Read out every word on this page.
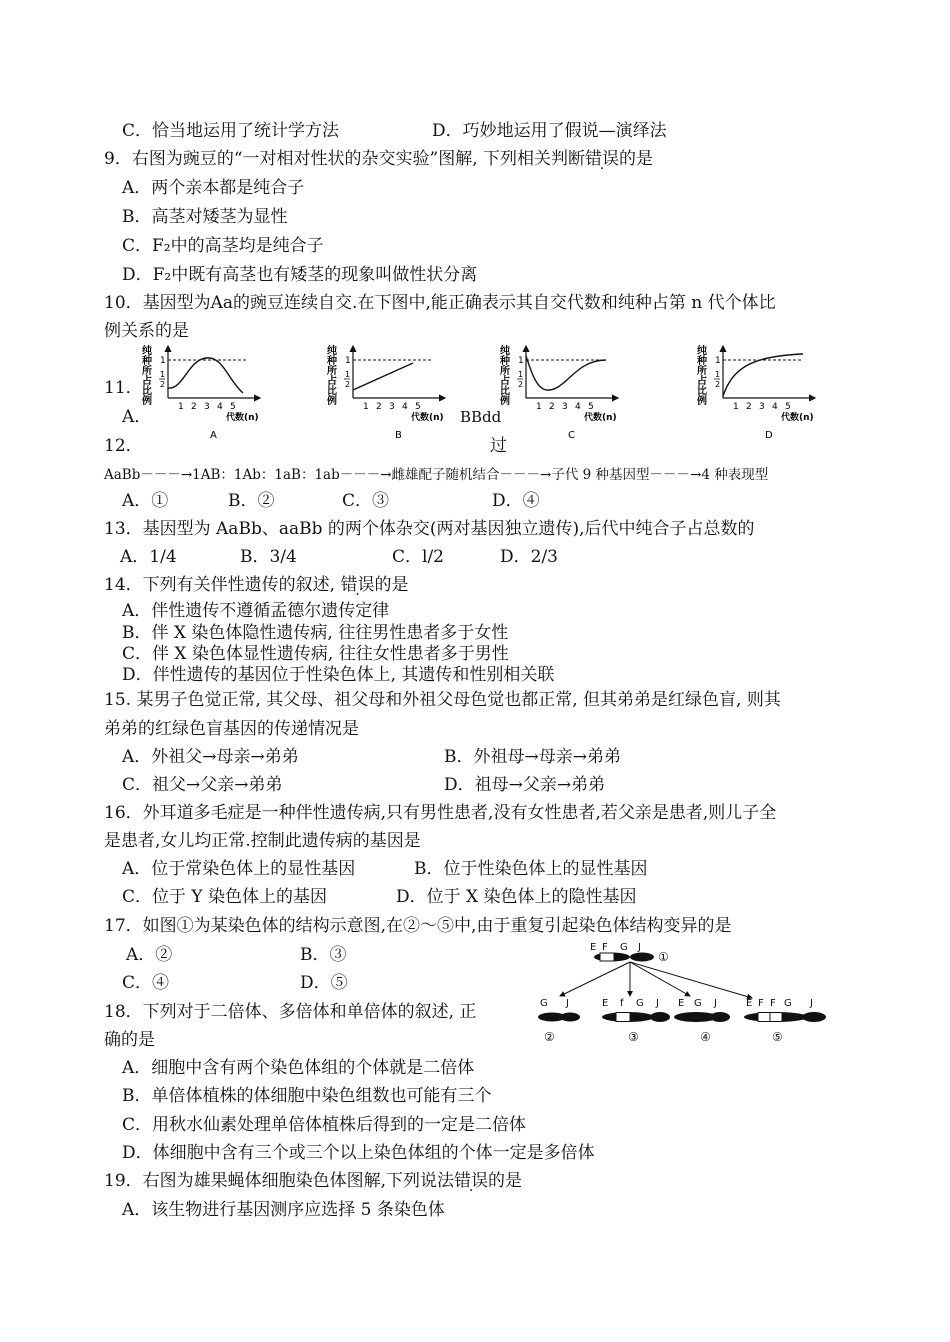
C．恰当地运用了统计学方法	D．巧妙地运用了假说—演绎法
9．右图为豌豆的“一对相对性状的杂交实验”图解, 下列相关判断错误的是
A．两个亲本都是纯合子
B．高茎对矮茎为显性
C．F₂中的高茎均是纯合子
D．F₂中既有高茎也有矮茎的现象叫做性状分离
10．基因型为Aa的豌豆连续自交.在下图中,能正确表示其自交代数和纯种占第 n 代个体比
例关系的是
11．
A．	BBdd
12．	过
纯种所占比例
1
1
2
1 2 3 4 5
代数(n)
A
纯种所占比例
1
1
2
1 2 3 4 5
代数(n)
B
纯种所占比例
1
1
2
1 2 3 4 5
代数(n)
C
纯种所占比例
1
1
2
1 2 3 4 5
代数(n)
D
AaBb－－－→1AB：1Ab：1aB：1ab－－－→雌雄配子随机结合－－－→子代 9 种基因型－－－→4 种表现型
A．①	B．②	C．③	D．④
13．基因型为 AaBb、aaBb 的两个体杂交(两对基因独立遗传),后代中纯合子占总数的
A．1/4	B．3/4	C．l/2	D．2/3
14．下列有关伴性遗传的叙述, 错误的是
A．伴性遗传不遵循孟德尔遗传定律
B．伴 X 染色体隐性遗传病, 往往男性患者多于女性
C．伴 X 染色体显性遗传病, 往往女性患者多于男性
D．伴性遗传的基因位于性染色体上, 其遗传和性别相关联
15. 某男子色觉正常, 其父母、祖父母和外祖父母色觉也都正常, 但其弟弟是红绿色盲, 则其
弟弟的红绿色盲基因的传递情况是
A．外祖父→母亲→弟弟	B．外祖母→母亲→弟弟
C．祖父→父亲→弟弟	D．祖母→父亲→弟弟
16．外耳道多毛症是一种伴性遗传病,只有男性患者,没有女性患者,若父亲是患者,则儿子全
是患者,女儿均正常.控制此遗传病的基因是
A．位于常染色体上的显性基因	B．位于性染色体上的显性基因
C．位于 Y 染色体上的基因	D．位于 X 染色体上的隐性基因
17．如图①为某染色体的结构示意图,在②～⑤中,由于重复引起染色体结构变异的是
A．②	B．③
C．④	D．⑤
E F G J
①
G J
②
E f G J
③
E G J
④
E F F G J
⑤
18．下列对于二倍体、多倍体和单倍体的叙述, 正
确的是
A．细胞中含有两个染色体组的个体就是二倍体
B．单倍体植株的体细胞中染色组数也可能有三个
C．用秋水仙素处理单倍体植株后得到的一定是二倍体
D．体细胞中含有三个或三个以上染色体组的个体一定是多倍体
19．右图为雄果蝇体细胞染色体图解,下列说法错误的是
A．该生物进行基因测序应选择 5 条染色体
